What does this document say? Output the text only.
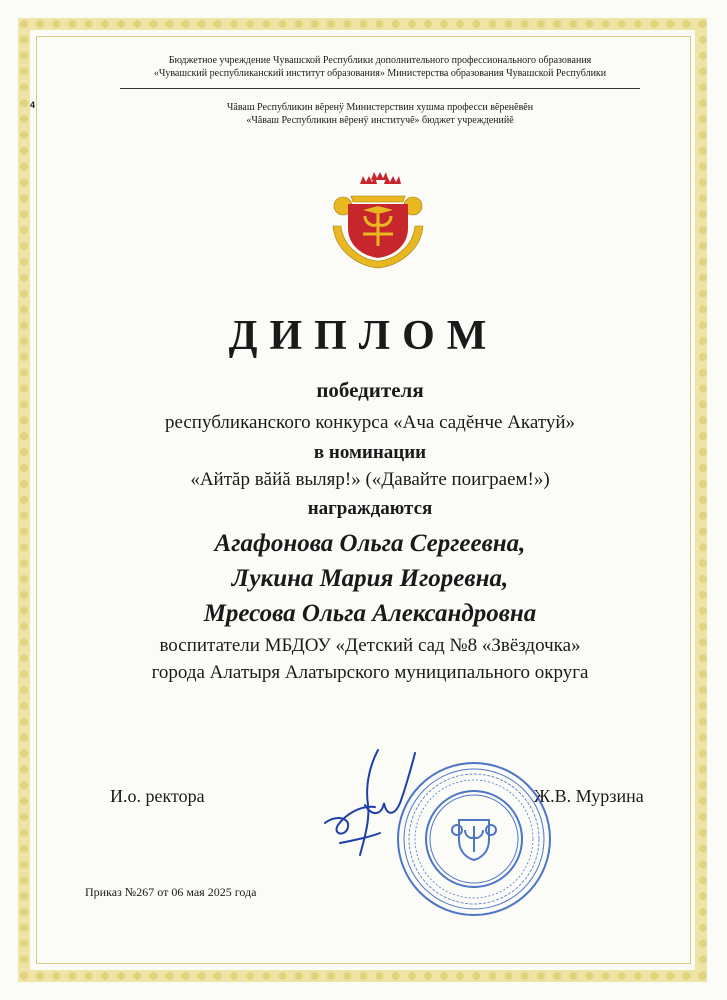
4
Бюджетное учреждение Чувашской Республики дополнительного профессионального образования
«Чувашский республиканский институт образования» Министерства образования Чувашской Республики
Чăваш Республикин вĕренÿ Министерствин хушма професси вĕренĕвĕн
«Чăваш Республикин вĕренÿ институчĕ» бюджет учрежденийĕ
ДИПЛОМ
победителя
республиканского конкурса «Ача садĕнче Акатуй»
в номинации
«Айтăр вăйă выляр!» («Давайте поиграем!»)
награждаются
Агафонова Ольга Сергеевна,
Лукина Мария Игоревна,
Мресова Ольга Александровна
воспитатели МБДОУ «Детский сад №8 «Звёздочка»
города Алатыря Алатырского муниципального округа
И.о. ректора	Ж.В. Мурзина
Приказ №267 от 06 мая 2025 года
